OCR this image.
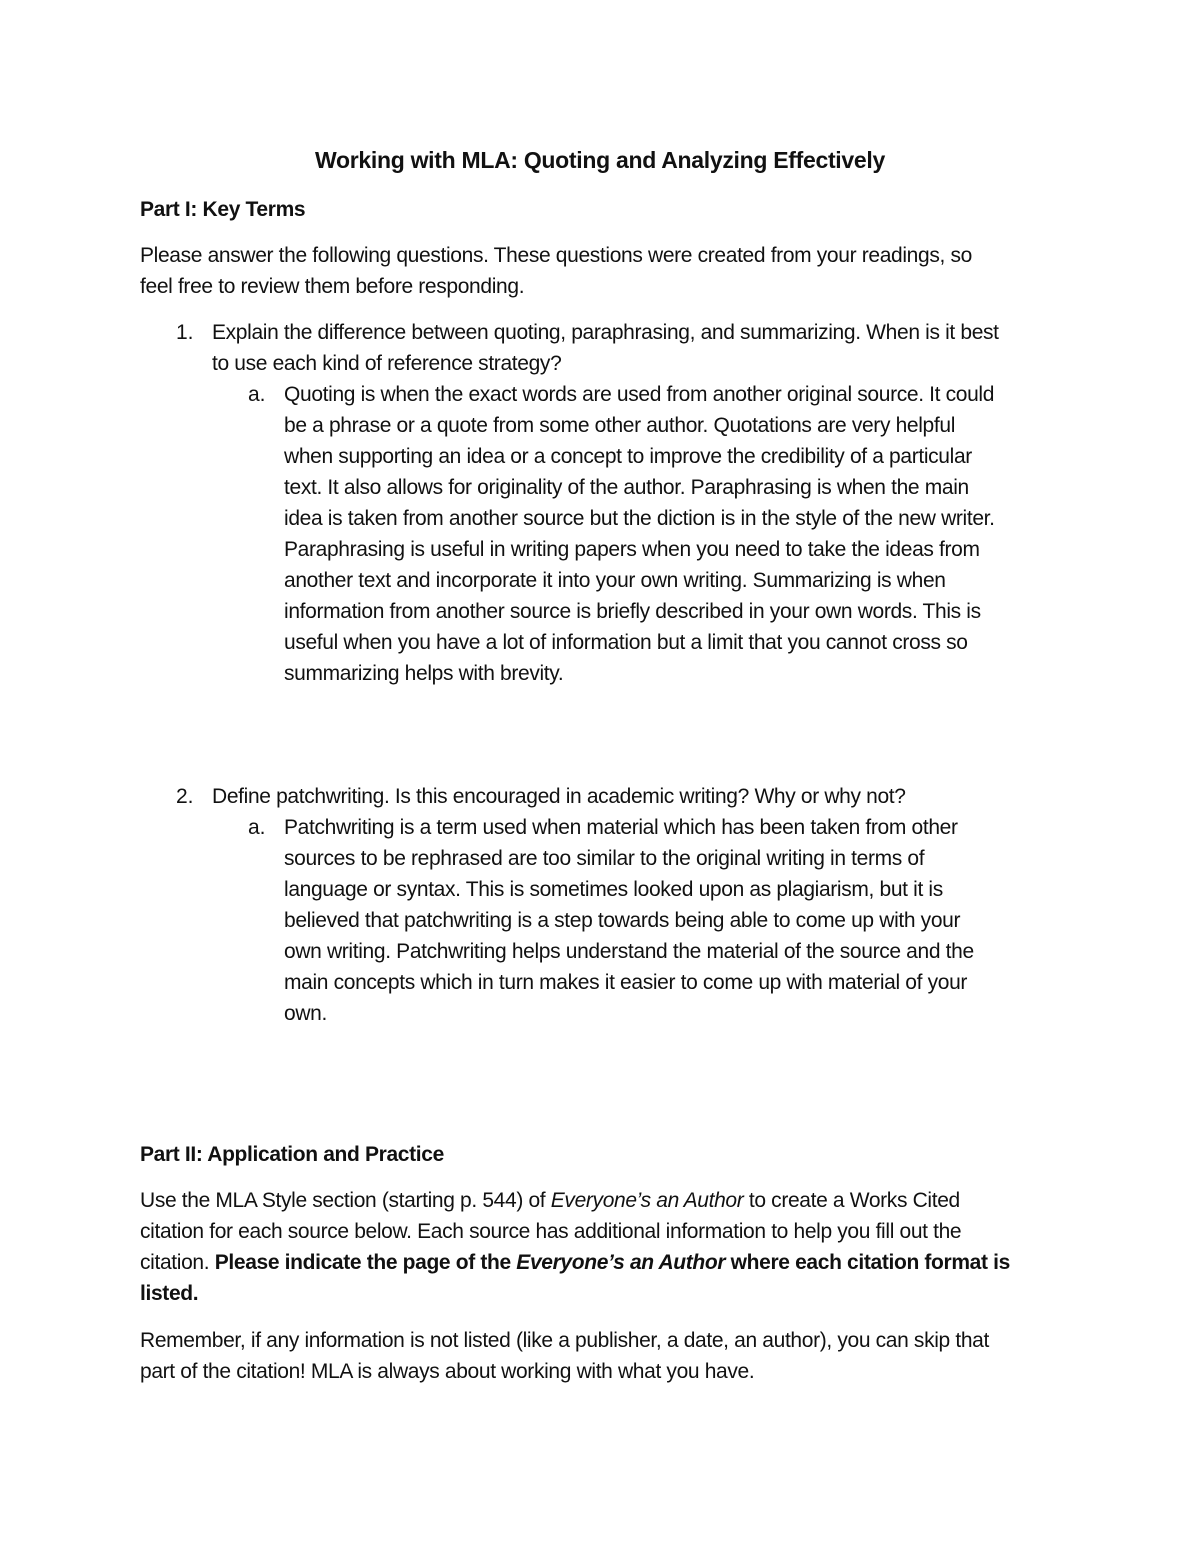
Working with MLA: Quoting and Analyzing Effectively
Part I: Key Terms
Please answer the following questions. These questions were created from your readings, so
feel free to review them before responding.
1. Explain the difference between quoting, paraphrasing, and summarizing. When is it best
to use each kind of reference strategy?
a. Quoting is when the exact words are used from another original source. It could
be a phrase or a quote from some other author. Quotations are very helpful
when supporting an idea or a concept to improve the credibility of a particular
text. It also allows for originality of the author. Paraphrasing is when the main
idea is taken from another source but the diction is in the style of the new writer.
Paraphrasing is useful in writing papers when you need to take the ideas from
another text and incorporate it into your own writing. Summarizing is when
information from another source is briefly described in your own words. This is
useful when you have a lot of information but a limit that you cannot cross so
summarizing helps with brevity.
2. Define patchwriting. Is this encouraged in academic writing? Why or why not?
a. Patchwriting is a term used when material which has been taken from other
sources to be rephrased are too similar to the original writing in terms of
language or syntax. This is sometimes looked upon as plagiarism, but it is
believed that patchwriting is a step towards being able to come up with your
own writing. Patchwriting helps understand the material of the source and the
main concepts which in turn makes it easier to come up with material of your
own.
Part II: Application and Practice
Use the MLA Style section (starting p. 544) of Everyone’s an Author to create a Works Cited
citation for each source below. Each source has additional information to help you fill out the
citation. Please indicate the page of the Everyone’s an Author where each citation format is
listed.
Remember, if any information is not listed (like a publisher, a date, an author), you can skip that
part of the citation! MLA is always about working with what you have.
